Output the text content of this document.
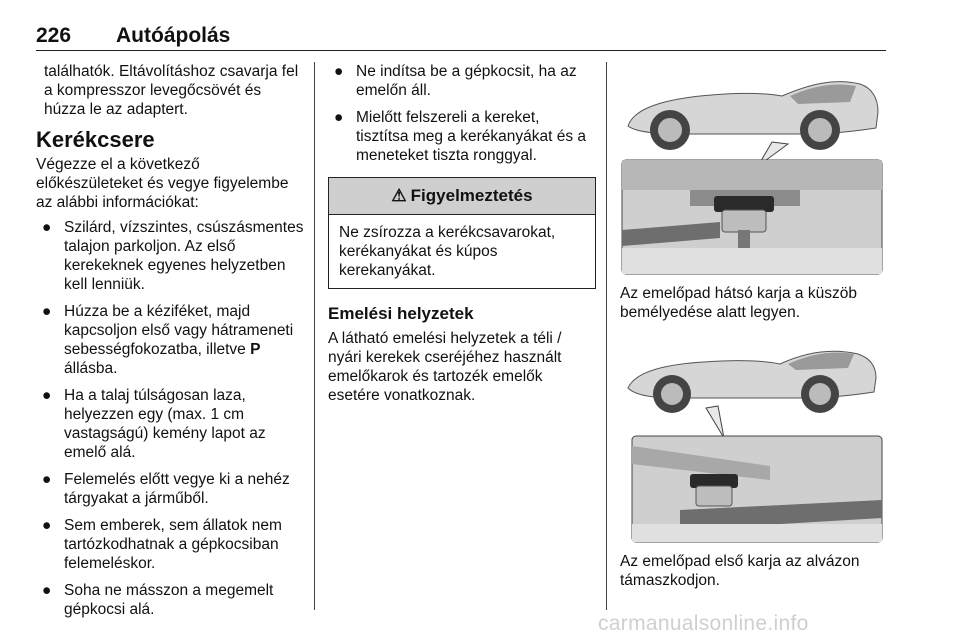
226 Autóápolás

találhatók. Eltávolításhoz csavarja fel a kompresszor levegőcsövét és húzza le az adaptert.

Kerékcsere

Végezze el a következő előkészületeket és vegye figyelembe az alábbi információkat:

● Szilárd, vízszintes, csúszásmentes talajon parkoljon. Az első kerekeknek egyenes helyzetben kell lenniük.
● Húzza be a kéziféket, majd kapcsoljon első vagy hátrameneti sebességfokozatba, illetve P állásba.
● Ha a talaj túlságosan laza, helyezzen egy (max. 1 cm vastagságú) kemény lapot az emelő alá.
● Felemelés előtt vegye ki a nehéz tárgyakat a járműből.
● Sem emberek, sem állatok nem tartózkodhatnak a gépkocsiban felemeléskor.
● Soha ne másszon a megemelt gépkocsi alá.
● Ne indítsa be a gépkocsit, ha az emelőn áll.
● Mielőtt felszereli a kereket, tisztítsa meg a kerékanyákat és a meneteket tiszta ronggyal.
⚠ Figyelmeztetés
Ne zsírozza a kerékcsavarokat, kerékanyákat és kúpos kerekanyákat.
Emelési helyzetek

A látható emelési helyzetek a téli / nyári kerekek cseréjéhez használt emelőkarok és tartozék emelők esetére vonatkoznak.

Az emelőpad hátsó karja a küszöb bemélyedése alatt legyen.

Az emelőpad első karja az alvázon támaszkodjon.

carmanualsonline.info
